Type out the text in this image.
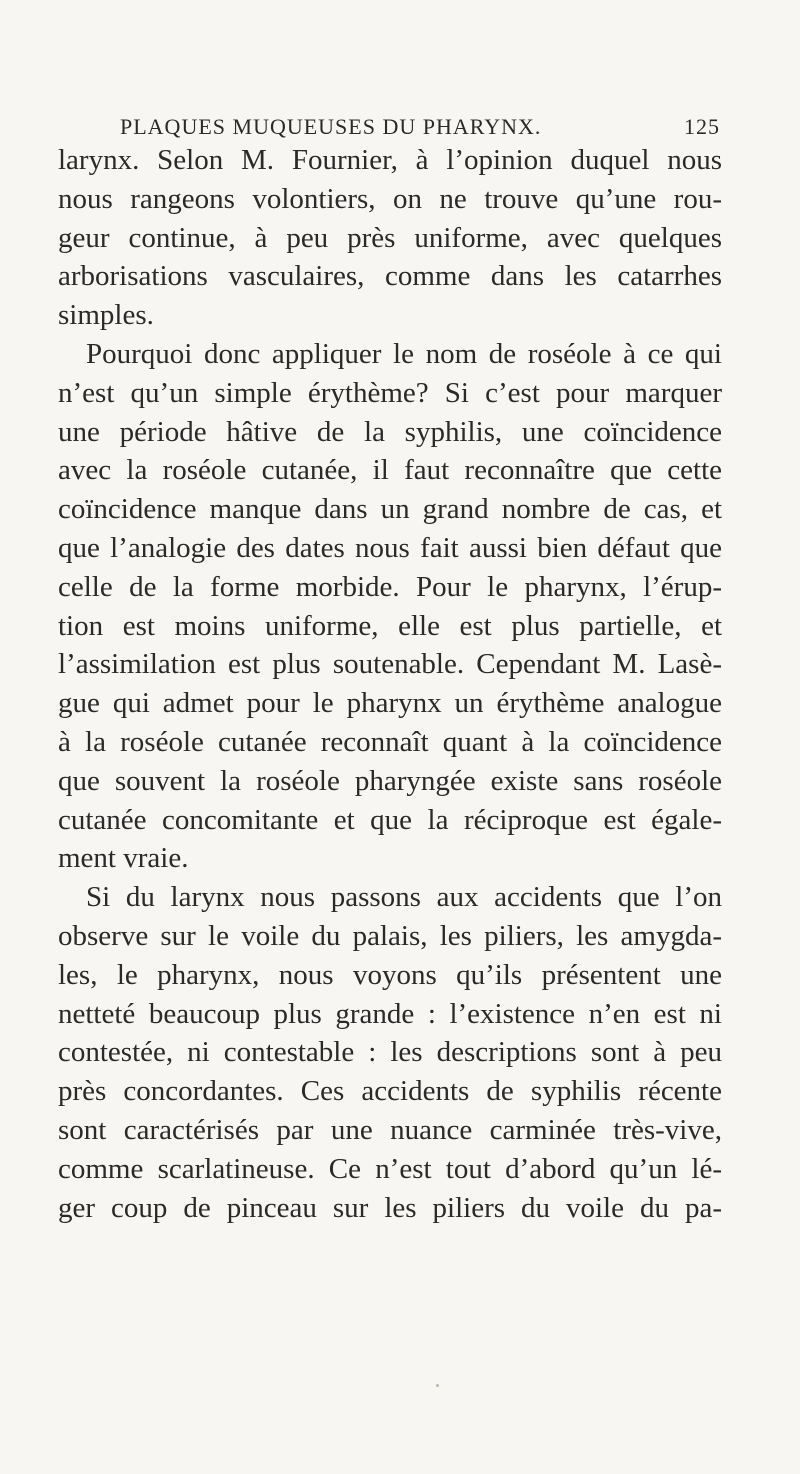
PLAQUES MUQUEUSES DU PHARYNX.	125
larynx. Selon M. Fournier, à l’opinion duquel nous
nous rangeons volontiers, on ne trouve qu’une rou-
geur continue, à peu près uniforme, avec quelques
arborisations vasculaires, comme dans les catarrhes
simples.
Pourquoi donc appliquer le nom de roséole à ce qui
n’est qu’un simple érythème? Si c’est pour marquer
une période hâtive de la syphilis, une coïncidence
avec la roséole cutanée, il faut reconnaître que cette
coïncidence manque dans un grand nombre de cas, et
que l’analogie des dates nous fait aussi bien défaut que
celle de la forme morbide. Pour le pharynx, l’érup-
tion est moins uniforme, elle est plus partielle, et
l’assimilation est plus soutenable. Cependant M. Lasè-
gue qui admet pour le pharynx un érythème analogue
à la roséole cutanée reconnaît quant à la coïncidence
que souvent la roséole pharyngée existe sans roséole
cutanée concomitante et que la réciproque est égale-
ment vraie.
Si du larynx nous passons aux accidents que l’on
observe sur le voile du palais, les piliers, les amygda-
les, le pharynx, nous voyons qu’ils présentent une
netteté beaucoup plus grande : l’existence n’en est ni
contestée, ni contestable : les descriptions sont à peu
près concordantes. Ces accidents de syphilis récente
sont caractérisés par une nuance carminée très-vive,
comme scarlatineuse. Ce n’est tout d’abord qu’un lé-
ger coup de pinceau sur les piliers du voile du pa-
